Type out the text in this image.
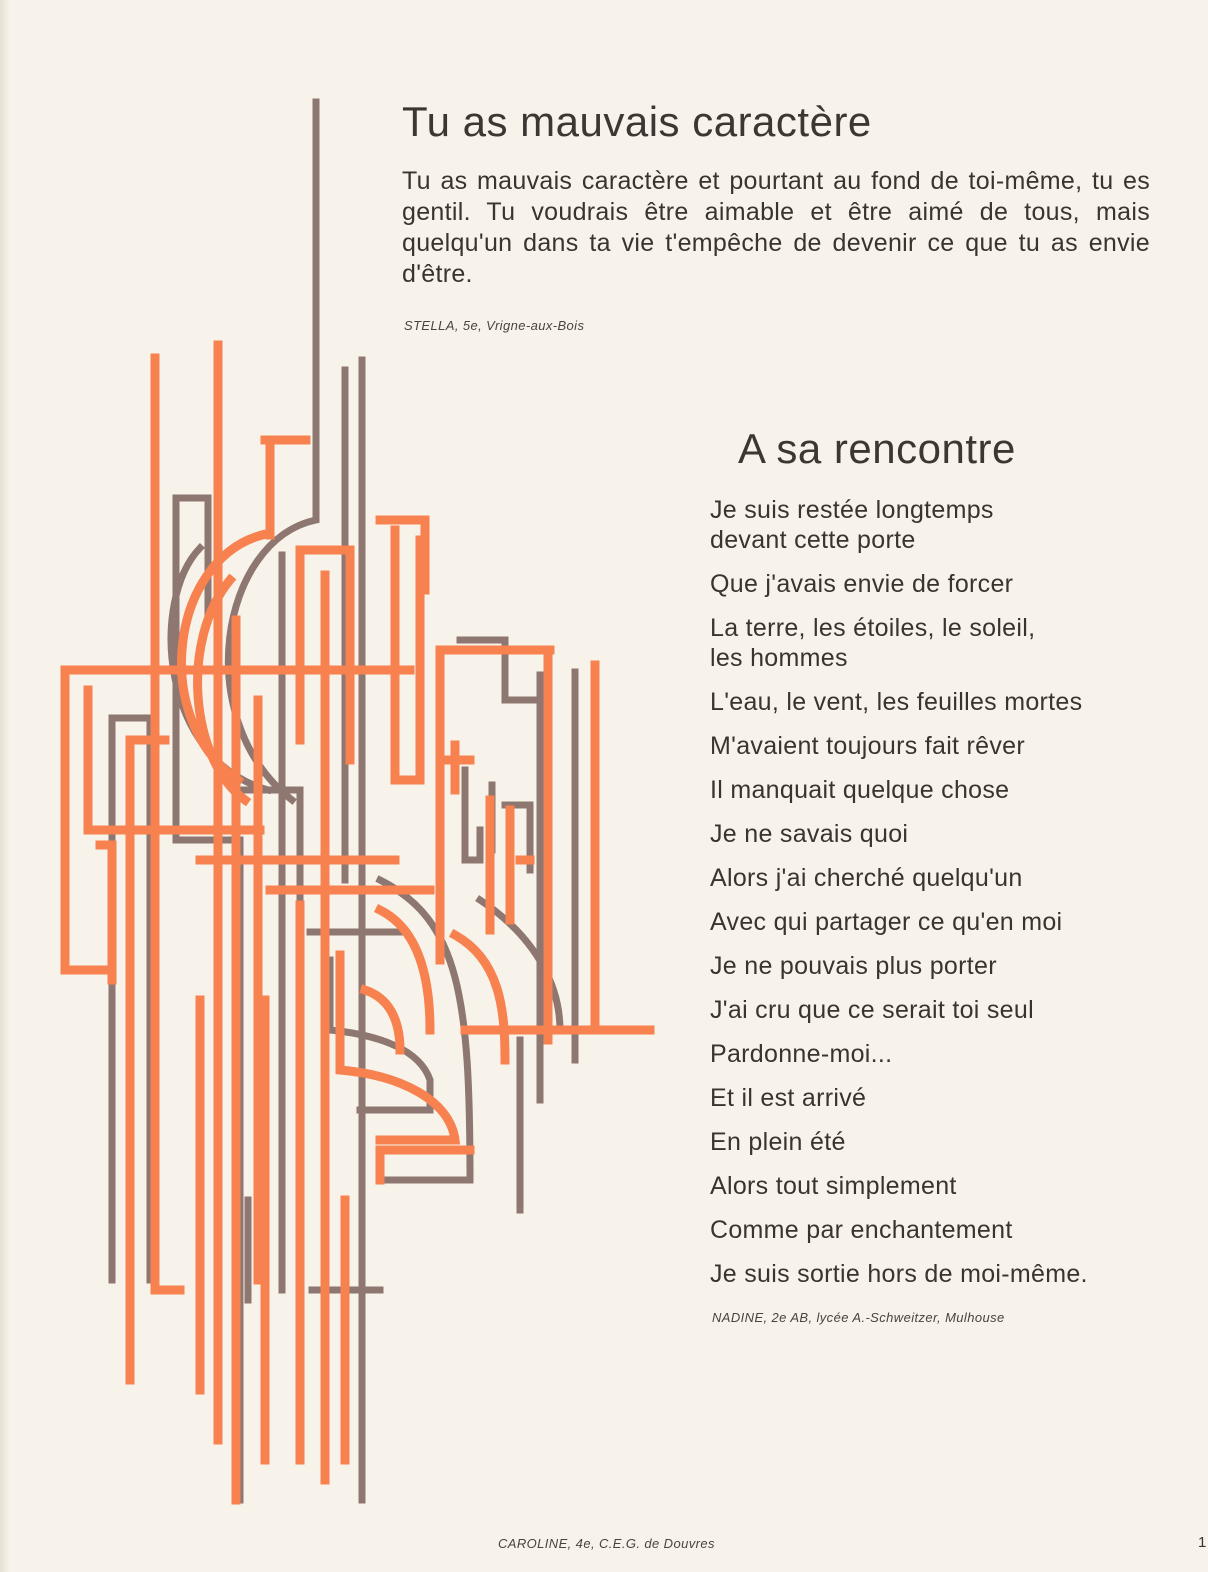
Tu as mauvais caractère

Tu as mauvais caractère et pourtant au fond de toi-même, tu es gentil. Tu voudrais être aimable et être aimé de tous, mais quelqu'un dans ta vie t'empêche de devenir ce que tu as envie d'être.

STELLA, 5e, Vrigne-aux-Bois
A sa rencontre

Je suis restée longtemps
devant cette porte

Que j'avais envie de forcer

La terre, les étoiles, le soleil,
les hommes

L'eau, le vent, les feuilles mortes

M'avaient toujours fait rêver

Il manquait quelque chose

Je ne savais quoi

Alors j'ai cherché quelqu'un

Avec qui partager ce qu'en moi

Je ne pouvais plus porter

J'ai cru que ce serait toi seul

Pardonne-moi...

Et il est arrivé

En plein été

Alors tout simplement

Comme par enchantement

Je suis sortie hors de moi-même.

NADINE, 2e AB, lycée A.-Schweitzer, Mulhouse
CAROLINE, 4e, C.E.G. de Douvres	1
